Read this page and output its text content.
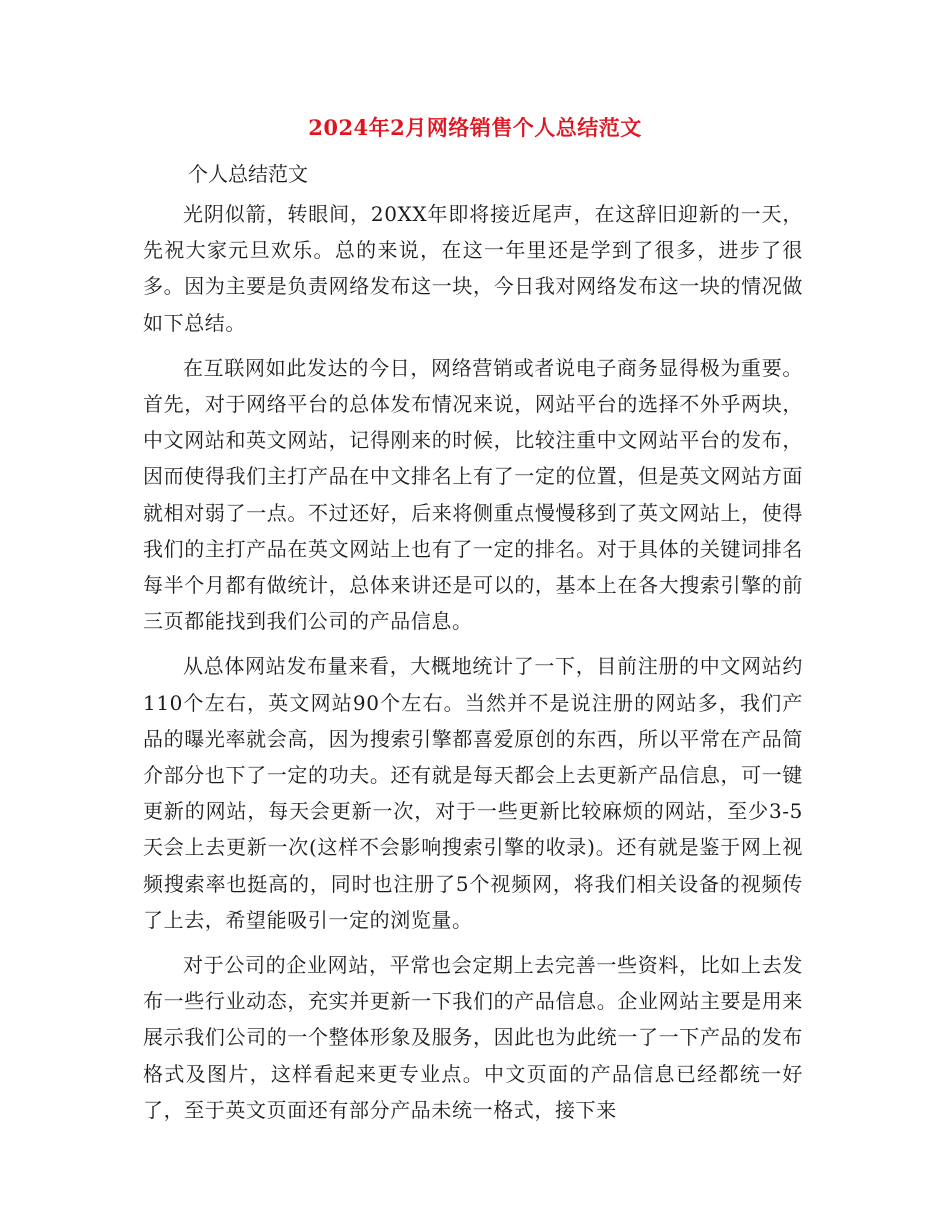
2024年2月网络销售个人总结范文

个人总结范文

光阴似箭，转眼间，20XX年即将接近尾声，在这辞旧迎新的一天，先祝大家元旦欢乐。总的来说，在这一年里还是学到了很多，进步了很多。因为主要是负责网络发布这一块，今日我对网络发布这一块的情况做如下总结。

在互联网如此发达的今日，网络营销或者说电子商务显得极为重要。首先，对于网络平台的总体发布情况来说，网站平台的选择不外乎两块，中文网站和英文网站，记得刚来的时候，比较注重中文网站平台的发布，因而使得我们主打产品在中文排名上有了一定的位置，但是英文网站方面就相对弱了一点。不过还好，后来将侧重点慢慢移到了英文网站上，使得我们的主打产品在英文网站上也有了一定的排名。对于具体的关键词排名每半个月都有做统计，总体来讲还是可以的，基本上在各大搜索引擎的前三页都能找到我们公司的产品信息。

从总体网站发布量来看，大概地统计了一下，目前注册的中文网站约110个左右，英文网站90个左右。当然并不是说注册的网站多，我们产品的曝光率就会高，因为搜索引擎都喜爱原创的东西，所以平常在产品简介部分也下了一定的功夫。还有就是每天都会上去更新产品信息，可一键更新的网站，每天会更新一次，对于一些更新比较麻烦的网站，至少3-5天会上去更新一次(这样不会影响搜索引擎的收录)。还有就是鉴于网上视频搜索率也挺高的，同时也注册了5个视频网，将我们相关设备的视频传了上去，希望能吸引一定的浏览量。

对于公司的企业网站，平常也会定期上去完善一些资料，比如上去发布一些行业动态，充实并更新一下我们的产品信息。企业网站主要是用来展示我们公司的一个整体形象及服务，因此也为此统一了一下产品的发布格式及图片，这样看起来更专业点。中文页面的产品信息已经都统一好了，至于英文页面还有部分产品未统一格式，接下来
